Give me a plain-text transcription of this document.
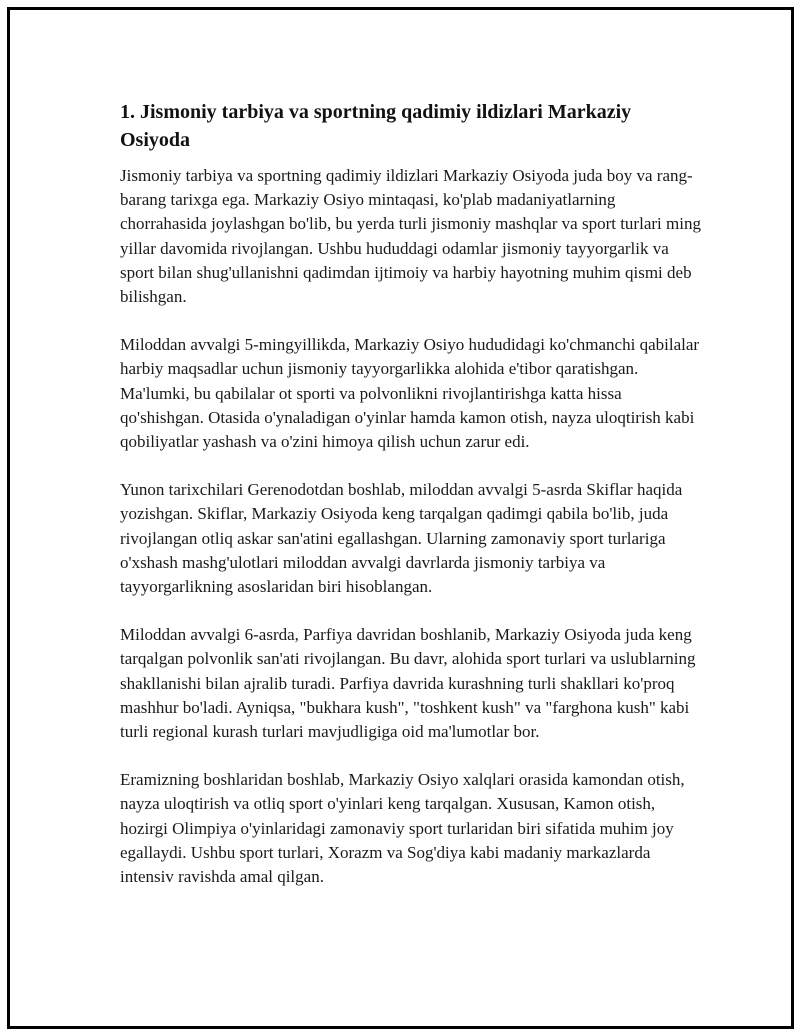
1. Jismoniy tarbiya va sportning qadimiy ildizlari Markaziy Osiyoda

Jismoniy tarbiya va sportning qadimiy ildizlari Markaziy Osiyoda juda boy va rang-barang tarixga ega. Markaziy Osiyo mintaqasi, ko'plab madaniyatlarning chorrahasida joylashgan bo'lib, bu yerda turli jismoniy mashqlar va sport turlari ming yillar davomida rivojlangan. Ushbu hududdagi odamlar jismoniy tayyorgarlik va sport bilan shug'ullanishni qadimdan ijtimoiy va harbiy hayotning muhim qismi deb bilishgan.

Miloddan avvalgi 5-mingyillikda, Markaziy Osiyo hududidagi ko'chmanchi qabilalar harbiy maqsadlar uchun jismoniy tayyorgarlikka alohida e'tibor qaratishgan. Ma'lumki, bu qabilalar ot sporti va polvonlikni rivojlantirishga katta hissa qo'shishgan. Otasida o'ynaladigan o'yinlar hamda kamon otish, nayza uloqtirish kabi qobiliyatlar yashash va o'zini himoya qilish uchun zarur edi.

Yunon tarixchilari Gerenodotdan boshlab, miloddan avvalgi 5-asrda Skiflar haqida yozishgan. Skiflar, Markaziy Osiyoda keng tarqalgan qadimgi qabila bo'lib, juda rivojlangan otliq askar san'atini egallashgan. Ularning zamonaviy sport turlariga o'xshash mashg'ulotlari miloddan avvalgi davrlarda jismoniy tarbiya va tayyorgarlikning asoslaridan biri hisoblangan.

Miloddan avvalgi 6-asrda, Parfiya davridan boshlanib, Markaziy Osiyoda juda keng tarqalgan polvonlik san'ati rivojlangan. Bu davr, alohida sport turlari va uslublarning shakllanishi bilan ajralib turadi. Parfiya davrida kurashning turli shakllari ko'proq mashhur bo'ladi. Ayniqsa, "bukhara kush", "toshkent kush" va "farghona kush" kabi turli regional kurash turlari mavjudligiga oid ma'lumotlar bor.

Eramizning boshlaridan boshlab, Markaziy Osiyo xalqlari orasida kamondan otish, nayza uloqtirish va otliq sport o'yinlari keng tarqalgan. Xususan, Kamon otish, hozirgi Olimpiya o'yinlaridagi zamonaviy sport turlaridan biri sifatida muhim joy egallaydi. Ushbu sport turlari, Xorazm va Sog'diya kabi madaniy markazlarda intensiv ravishda amal qilgan.
